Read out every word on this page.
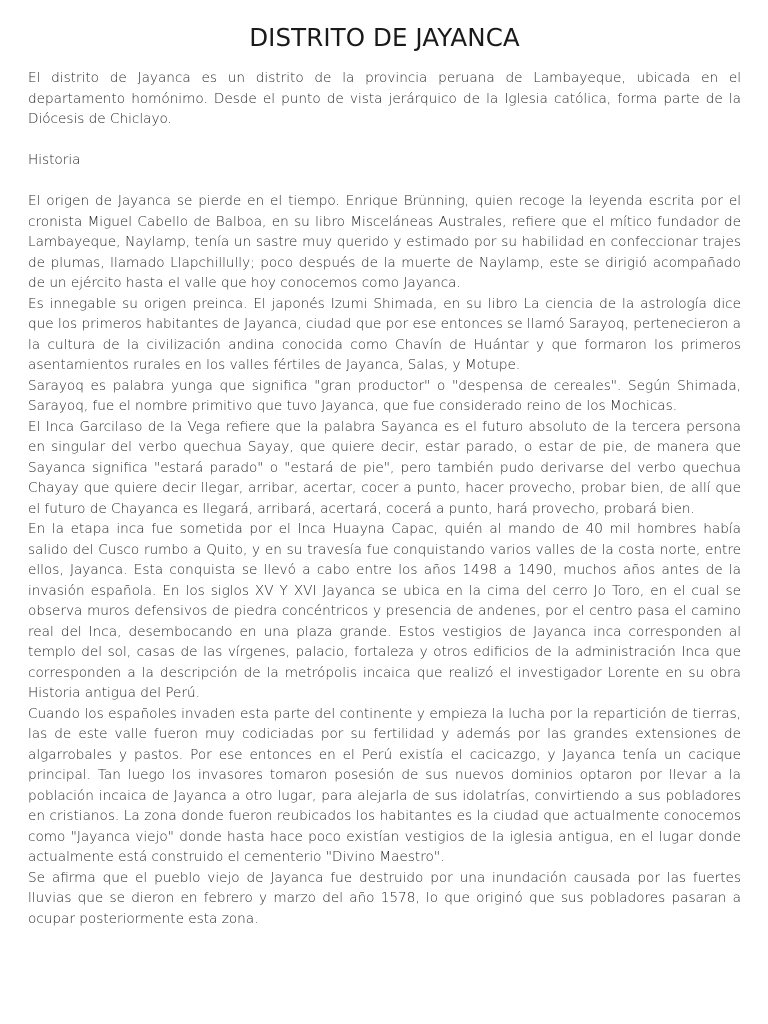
DISTRITO DE JAYANCA

El distrito de Jayanca es un distrito de la provincia peruana de Lambayeque, ubicada en el departamento homónimo. Desde el punto de vista jerárquico de la Iglesia católica, forma parte de la Diócesis de Chiclayo.

Historia

El origen de Jayanca se pierde en el tiempo. Enrique Brünning, quien recoge la leyenda escrita por el cronista Miguel Cabello de Balboa, en su libro Misceláneas Australes, refiere que el mítico fundador de Lambayeque, Naylamp, tenía un sastre muy querido y estimado por su habilidad en confeccionar trajes de plumas, llamado Llapchillully; poco después de la muerte de Naylamp, este se dirigió acompañado de un ejército hasta el valle que hoy conocemos como Jayanca.

Es innegable su origen preinca. El japonés Izumi Shimada, en su libro La ciencia de la astrología dice que los primeros habitantes de Jayanca, ciudad que por ese entonces se llamó Sarayoq, pertenecieron a la cultura de la civilización andina conocida como Chavín de Huántar y que formaron los primeros asentamientos rurales en los valles fértiles de Jayanca, Salas, y Motupe.

Sarayoq es palabra yunga que significa "gran productor" o "despensa de cereales". Según Shimada, Sarayoq, fue el nombre primitivo que tuvo Jayanca, que fue considerado reino de los Mochicas.

El Inca Garcilaso de la Vega refiere que la palabra Sayanca es el futuro absoluto de la tercera persona en singular del verbo quechua Sayay, que quiere decir, estar parado, o estar de pie, de manera que Sayanca significa "estará parado" o "estará de pie", pero también pudo derivarse del verbo quechua Chayay que quiere decir llegar, arribar, acertar, cocer a punto, hacer provecho, probar bien, de allí que el futuro de Chayanca es llegará, arribará, acertará, cocerá a punto, hará provecho, probará bien.

En la etapa inca fue sometida por el Inca Huayna Capac, quién al mando de 40 mil hombres había salido del Cusco rumbo a Quito, y en su travesía fue conquistando varios valles de la costa norte, entre ellos, Jayanca. Esta conquista se llevó a cabo entre los años 1498 a 1490, muchos años antes de la invasión española. En los siglos XV Y XVI Jayanca se ubica en la cima del cerro Jo Toro, en el cual se observa muros defensivos de piedra concéntricos y presencia de andenes, por el centro pasa el camino real del Inca, desembocando en una plaza grande. Estos vestigios de Jayanca inca corresponden al templo del sol, casas de las vírgenes, palacio, fortaleza y otros edificios de la administración Inca que corresponden a la descripción de la metrópolis incaica que realizó el investigador Lorente en su obra Historia antigua del Perú.

Cuando los españoles invaden esta parte del continente y empieza la lucha por la repartición de tierras, las de este valle fueron muy codiciadas por su fertilidad y además por las grandes extensiones de algarrobales y pastos. Por ese entonces en el Perú existía el cacicazgo, y Jayanca tenía un cacique principal. Tan luego los invasores tomaron posesión de sus nuevos dominios optaron por llevar a la población incaica de Jayanca a otro lugar, para alejarla de sus idolatrías, convirtiendo a sus pobladores en cristianos. La zona donde fueron reubicados los habitantes es la ciudad que actualmente conocemos como "Jayanca viejo" donde hasta hace poco existían vestigios de la iglesia antigua, en el lugar donde actualmente está construido el cementerio "Divino Maestro".

Se afirma que el pueblo viejo de Jayanca fue destruido por una inundación causada por las fuertes lluvias que se dieron en febrero y marzo del año 1578, lo que originó que sus pobladores pasaran a ocupar posteriormente esta zona.
